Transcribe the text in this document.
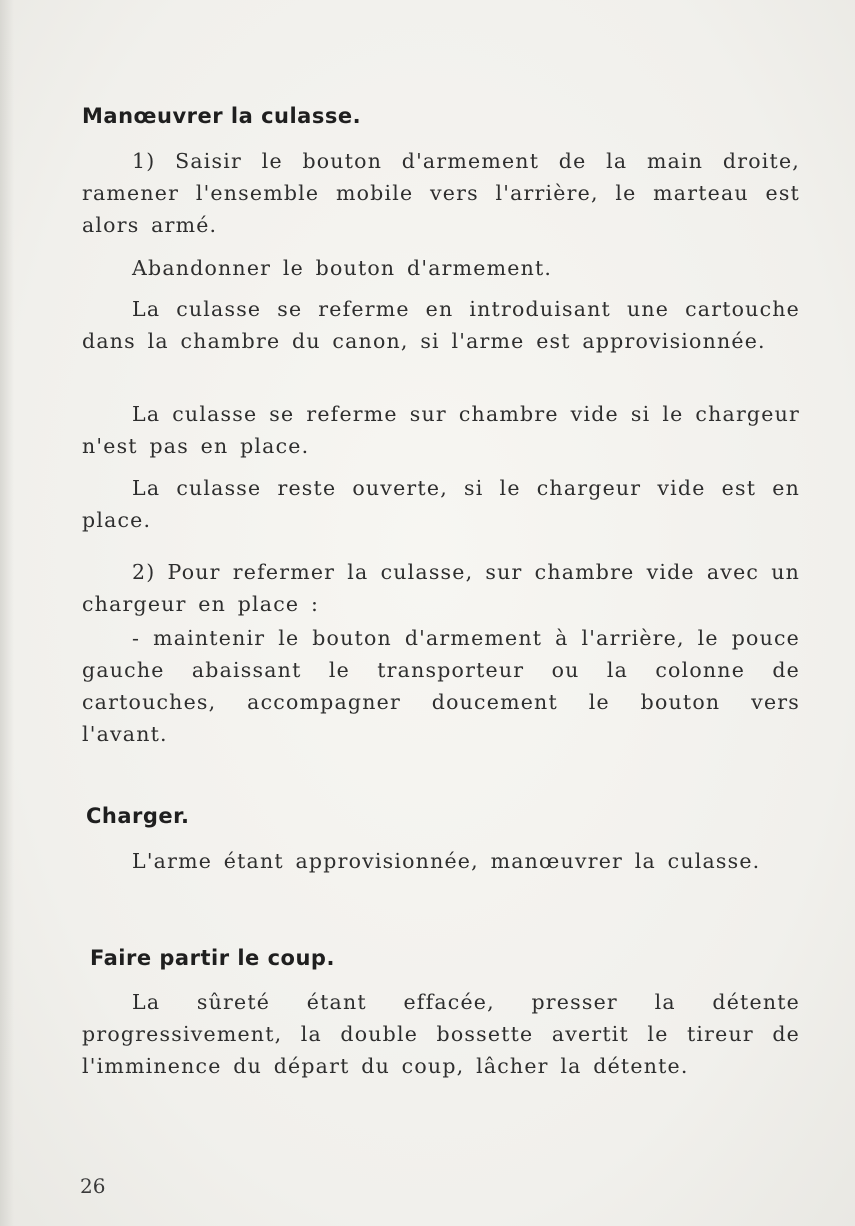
Manœuvrer la culasse.
1) Saisir le bouton d'armement de la main droite, ramener l'ensemble mobile vers l'arrière, le marteau est alors armé.
Abandonner le bouton d'armement.
La culasse se referme en introduisant une cartouche dans la chambre du canon, si l'arme est approvisionnée.
La culasse se referme sur chambre vide si le chargeur n'est pas en place.
La culasse reste ouverte, si le chargeur vide est en place.
2) Pour refermer la culasse, sur chambre vide avec un chargeur en place :
- maintenir le bouton d'armement à l'arrière, le pouce gauche abaissant le transporteur ou la colonne de cartouches, accompagner doucement le bouton vers l'avant.
Charger.
L'arme étant approvisionnée, manœuvrer la culasse.
Faire partir le coup.
La sûreté étant effacée, presser la détente progressivement, la double bossette avertit le tireur de l'imminence du départ du coup, lâcher la détente.
26
